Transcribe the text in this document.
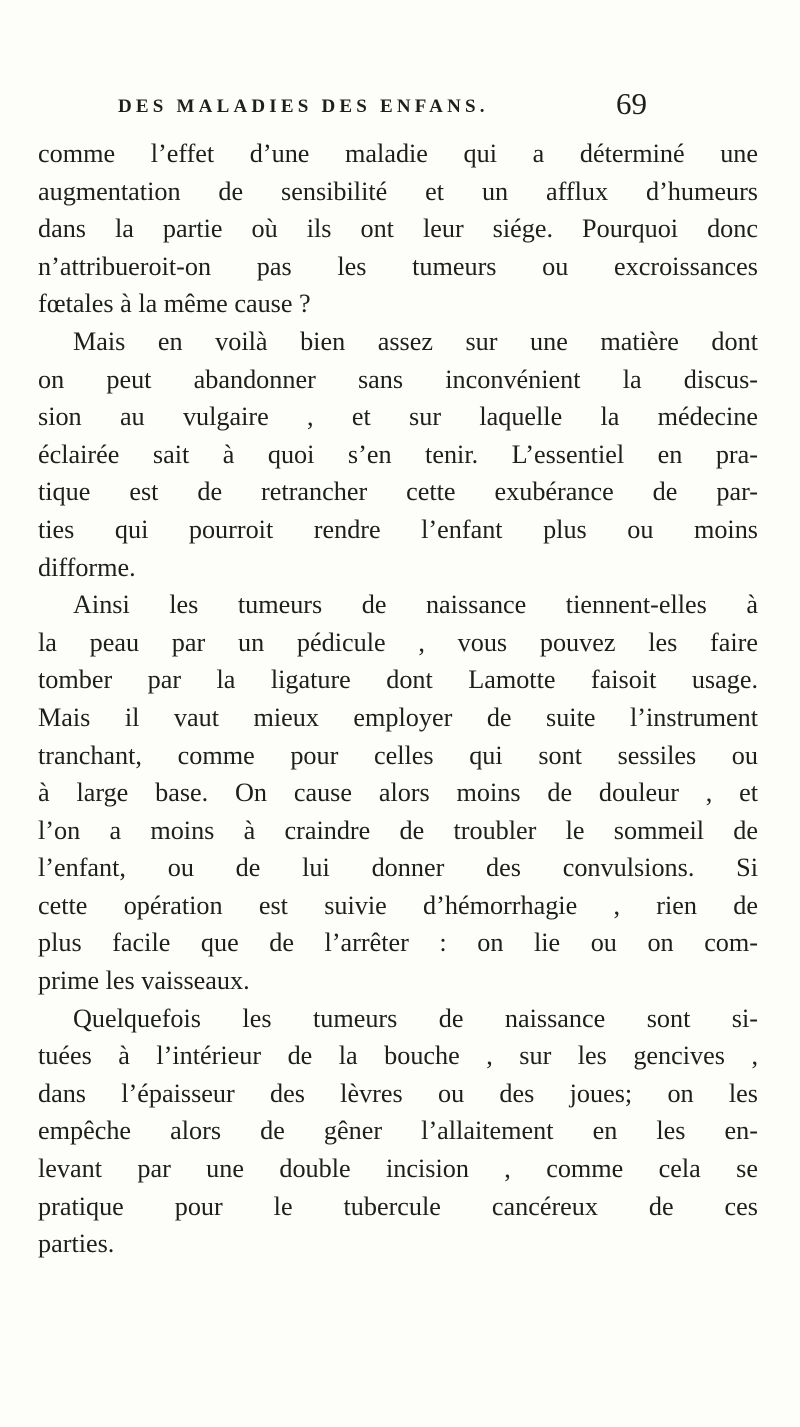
DES MALADIES DES ENFANS.	69
comme l’effet d’une maladie qui a déterminé une
augmentation de sensibilité et un afflux d’humeurs
dans la partie où ils ont leur siége. Pourquoi donc
n’attribueroit-on pas les tumeurs ou excroissances
fœtales à la même cause ?
Mais en voilà bien assez sur une matière dont
on peut abandonner sans inconvénient la discus-
sion au vulgaire , et sur laquelle la médecine
éclairée sait à quoi s’en tenir. L’essentiel en pra-
tique est de retrancher cette exubérance de par-
ties qui pourroit rendre l’enfant plus ou moins
difforme.
Ainsi les tumeurs de naissance tiennent-elles à
la peau par un pédicule , vous pouvez les faire
tomber par la ligature dont Lamotte faisoit usage.
Mais il vaut mieux employer de suite l’instrument
tranchant, comme pour celles qui sont sessiles ou
à large base. On cause alors moins de douleur , et
l’on a moins à craindre de troubler le sommeil de
l’enfant, ou de lui donner des convulsions. Si
cette opération est suivie d’hémorrhagie , rien de
plus facile que de l’arrêter : on lie ou on com-
prime les vaisseaux.
Quelquefois les tumeurs de naissance sont si-
tuées à l’intérieur de la bouche , sur les gencives ,
dans l’épaisseur des lèvres ou des joues; on les
empêche alors de gêner l’allaitement en les en-
levant par une double incision , comme cela se
pratique pour le tubercule cancéreux de ces
parties.
